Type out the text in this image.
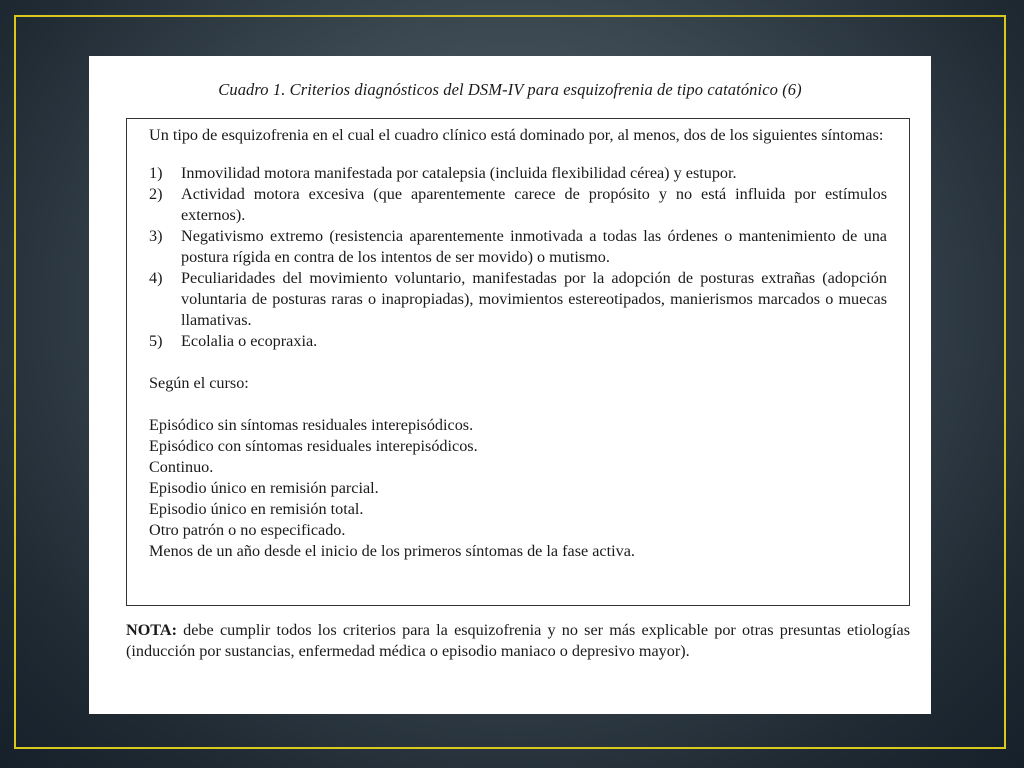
Cuadro 1. Criterios diagnósticos del DSM-IV para esquizofrenia de tipo catatónico (6)

Un tipo de esquizofrenia en el cual el cuadro clínico está dominado por, al menos, dos de los siguientes síntomas:

1) Inmovilidad motora manifestada por catalepsia (incluida flexibilidad cérea) y estupor.
2) Actividad motora excesiva (que aparentemente carece de propósito y no está influida por estímulos externos).
3) Negativismo extremo (resistencia aparentemente inmotivada a todas las órdenes o mantenimiento de una postura rígida en contra de los intentos de ser movido) o mutismo.
4) Peculiaridades del movimiento voluntario, manifestadas por la adopción de posturas extrañas (adopción voluntaria de posturas raras o inapropiadas), movimientos estereotipados, manierismos marcados o muecas llamativas.
5) Ecolalia o ecopraxia.

Según el curso:

Episódico sin síntomas residuales interepisódicos.
Episódico con síntomas residuales interepisódicos.
Continuo.
Episodio único en remisión parcial.
Episodio único en remisión total.
Otro patrón o no especificado.
Menos de un año desde el inicio de los primeros síntomas de la fase activa.

NOTA: debe cumplir todos los criterios para la esquizofrenia y no ser más explicable por otras presuntas etiologías (inducción por sustancias, enfermedad médica o episodio maniaco o depresivo mayor).
